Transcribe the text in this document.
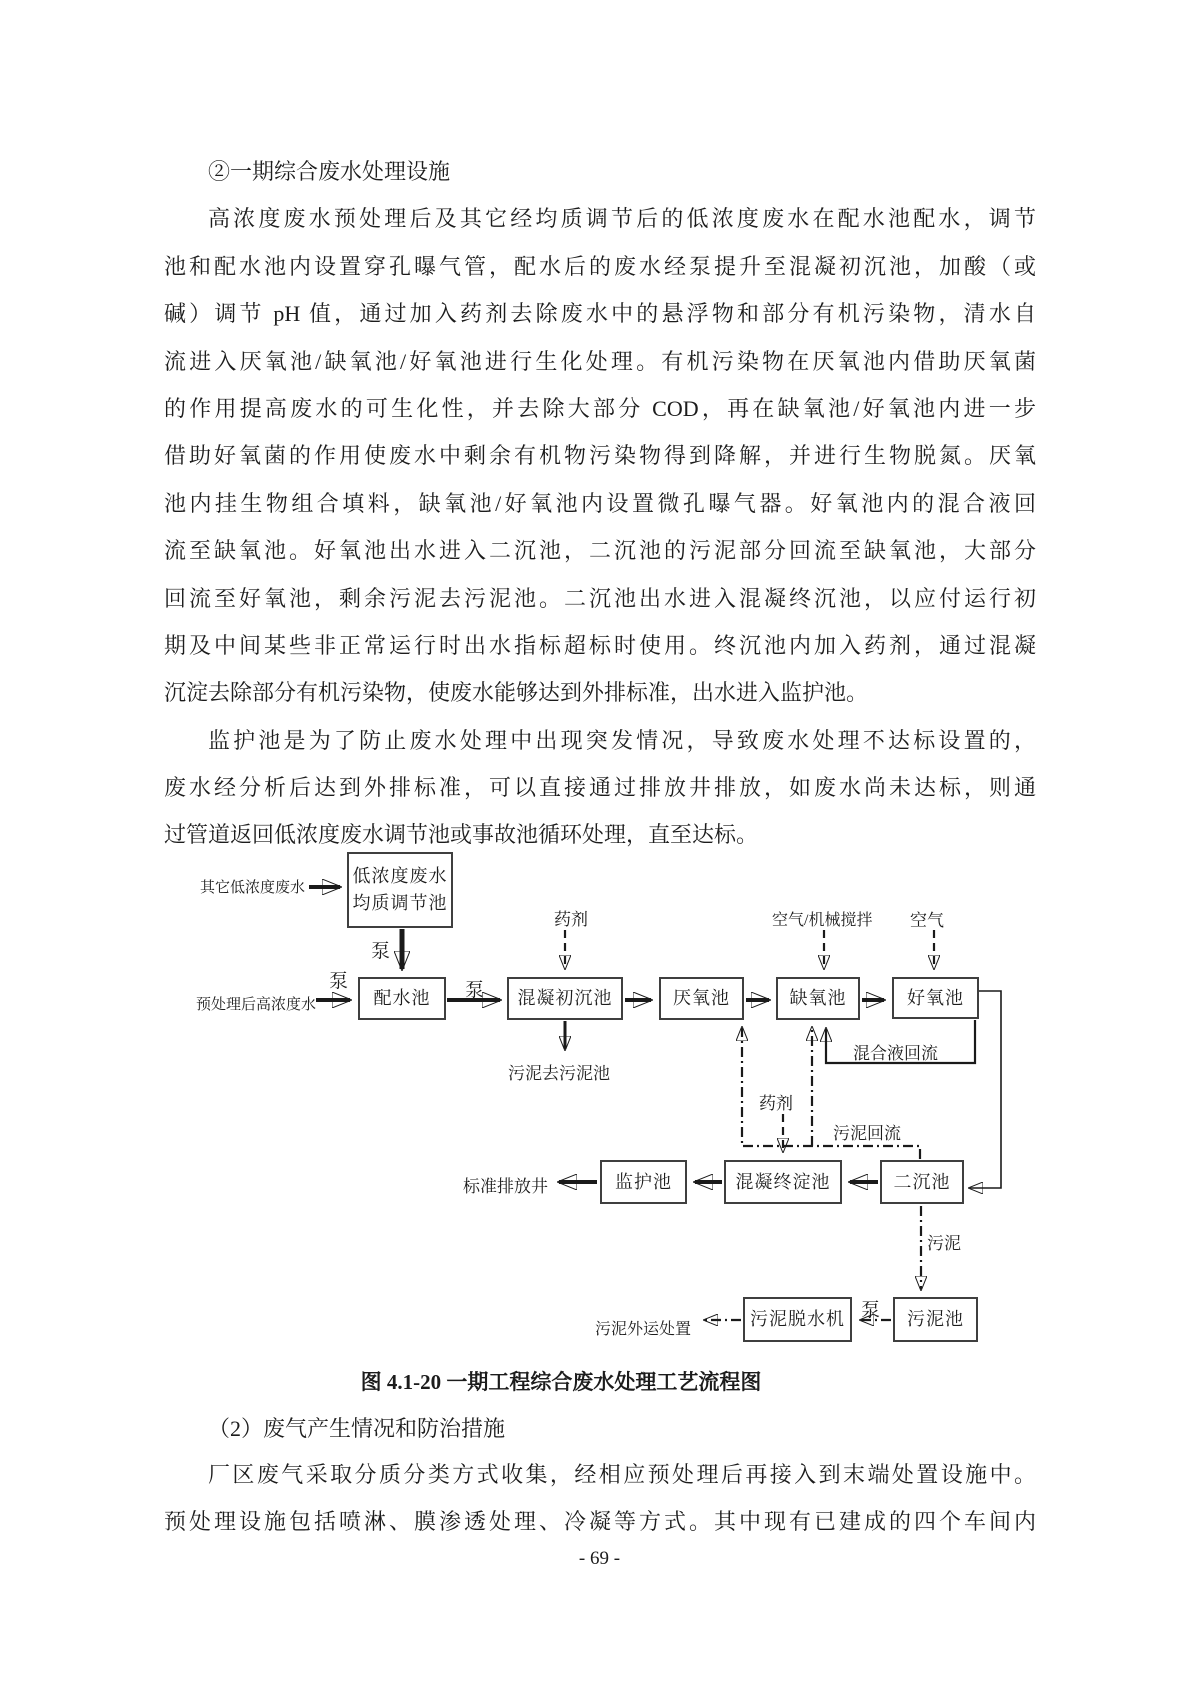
②一期综合废水处理设施
高浓度废水预处理后及其它经均质调节后的低浓度废水在配水池配水，调节
池和配水池内设置穿孔曝气管，配水后的废水经泵提升至混凝初沉池，加酸（或
碱）调节 pH 值，通过加入药剂去除废水中的悬浮物和部分有机污染物，清水自
流进入厌氧池/缺氧池/好氧池进行生化处理。有机污染物在厌氧池内借助厌氧菌
的作用提高废水的可生化性，并去除大部分 COD，再在缺氧池/好氧池内进一步
借助好氧菌的作用使废水中剩余有机物污染物得到降解，并进行生物脱氮。厌氧
池内挂生物组合填料，缺氧池/好氧池内设置微孔曝气器。好氧池内的混合液回
流至缺氧池。好氧池出水进入二沉池，二沉池的污泥部分回流至缺氧池，大部分
回流至好氧池，剩余污泥去污泥池。二沉池出水进入混凝终沉池，以应付运行初
期及中间某些非正常运行时出水指标超标时使用。终沉池内加入药剂，通过混凝
沉淀去除部分有机污染物，使废水能够达到外排标准，出水进入监护池。
监护池是为了防止废水处理中出现突发情况，导致废水处理不达标设置的，
废水经分析后达到外排标准，可以直接通过排放井排放，如废水尚未达标，则通
过管道返回低浓度废水调节池或事故池循环处理，直至达标。
低浓度废水
均质调节池
配水池	混凝初沉池	厌氧池	缺氧池	好氧池
监护池	混凝终淀池	二沉池
污泥脱水机	污泥池
其它低浓度废水
预处理后高浓度水
泵
泵	泵
药剂
污泥去污泥池
空气/机械搅拌 空气
混合液回流
药剂
污泥回流
标准排放井
污泥
泵
污泥外运处置
图 4.1-20 一期工程综合废水处理工艺流程图
（2）废气产生情况和防治措施
厂区废气采取分质分类方式收集，经相应预处理后再接入到末端处置设施中。
预处理设施包括喷淋、膜渗透处理、冷凝等方式。其中现有已建成的四个车间内
- 69 -
